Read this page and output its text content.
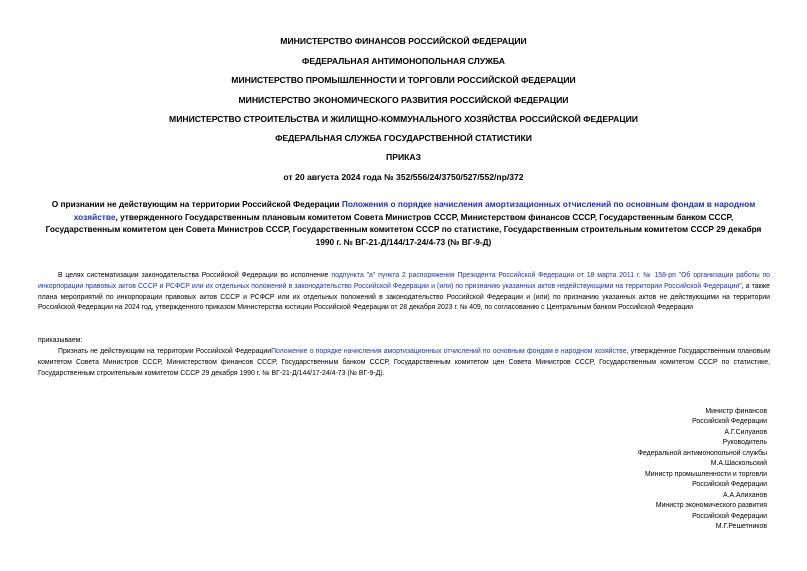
МИНИСТЕРСТВО ФИНАНСОВ РОССИЙСКОЙ ФЕДЕРАЦИИ
ФЕДЕРАЛЬНАЯ АНТИМОНОПОЛЬНАЯ СЛУЖБА
МИНИСТЕРСТВО ПРОМЫШЛЕННОСТИ И ТОРГОВЛИ РОССИЙСКОЙ ФЕДЕРАЦИИ
МИНИСТЕРСТВО ЭКОНОМИЧЕСКОГО РАЗВИТИЯ РОССИЙСКОЙ ФЕДЕРАЦИИ
МИНИСТЕРСТВО СТРОИТЕЛЬСТВА И ЖИЛИЩНО-КОММУНАЛЬНОГО ХОЗЯЙСТВА РОССИЙСКОЙ ФЕДЕРАЦИИ
ФЕДЕРАЛЬНАЯ СЛУЖБА ГОСУДАРСТВЕННОЙ СТАТИСТИКИ
ПРИКАЗ
от 20 августа 2024 года № 352/556/24/3750/527/552/пр/372
О признании не действующим на территории Российской Федерации Положения о порядке начисления амортизационных отчислений по основным фондам в народном хозяйстве, утвержденного Государственным плановым комитетом Совета Министров СССР, Министерством финансов СССР, Государственным банком СССР, Государственным комитетом цен Совета Министров СССР, Государственным комитетом СССР по статистике, Государственным строительным комитетом СССР 29 декабря 1990 г. № ВГ-21-Д/144/17-24/4-73 (№ ВГ-9-Д)
В целях систематизации законодательства Российской Федерации во исполнение подпункта "а" пункта 2 распоряжения Президента Российской Федерации от 18 марта 2011 г. № 158-рп "Об организации работы по инкорпорации правовых актов СССР и РСФСР или их отдельных положений в законодательство Российской Федерации и (или) по признанию указанных актов недействующими на территории Российской Федерации", а также плана мероприятий по инкорпорации правовых актов СССР и РСФСР или их отдельных положений в законодательство Российской Федерации и (или) по признанию указанных актов не действующими на территории Российской Федерации на 2024 год, утвержденного приказом Министерства юстиции Российской Федерации от 28 декабря 2023 г. № 409, по согласованию с Центральным банком Российской Федерации
приказываем:
Признать не действующим на территории Российской ФедерацииПоложение о порядке начисления амортизационных отчислений по основным фондам в народном хозяйстве, утвержденное Государственным плановым комитетом Совета Министров СССР, Министерством финансов СССР, Государственным банком СССР, Государственным комитетом цен Совета Министров СССР, Государственным комитетом СССР по статистике, Государственным строительным комитетом СССР 29 декабря 1990 г. № ВГ-21-Д/144/17-24/4-73 (№ ВГ-9-Д).
Министр финансов
Российской Федерации
А.Г.Силуанов
Руководитель
Федеральной антимонопольной службы
М.А.Шаскольский
Министр промышленности и торговли
Российской Федерации
А.А.Алиханов
Министр экономического развития
Российской Федерации
М.Г.Решетников
